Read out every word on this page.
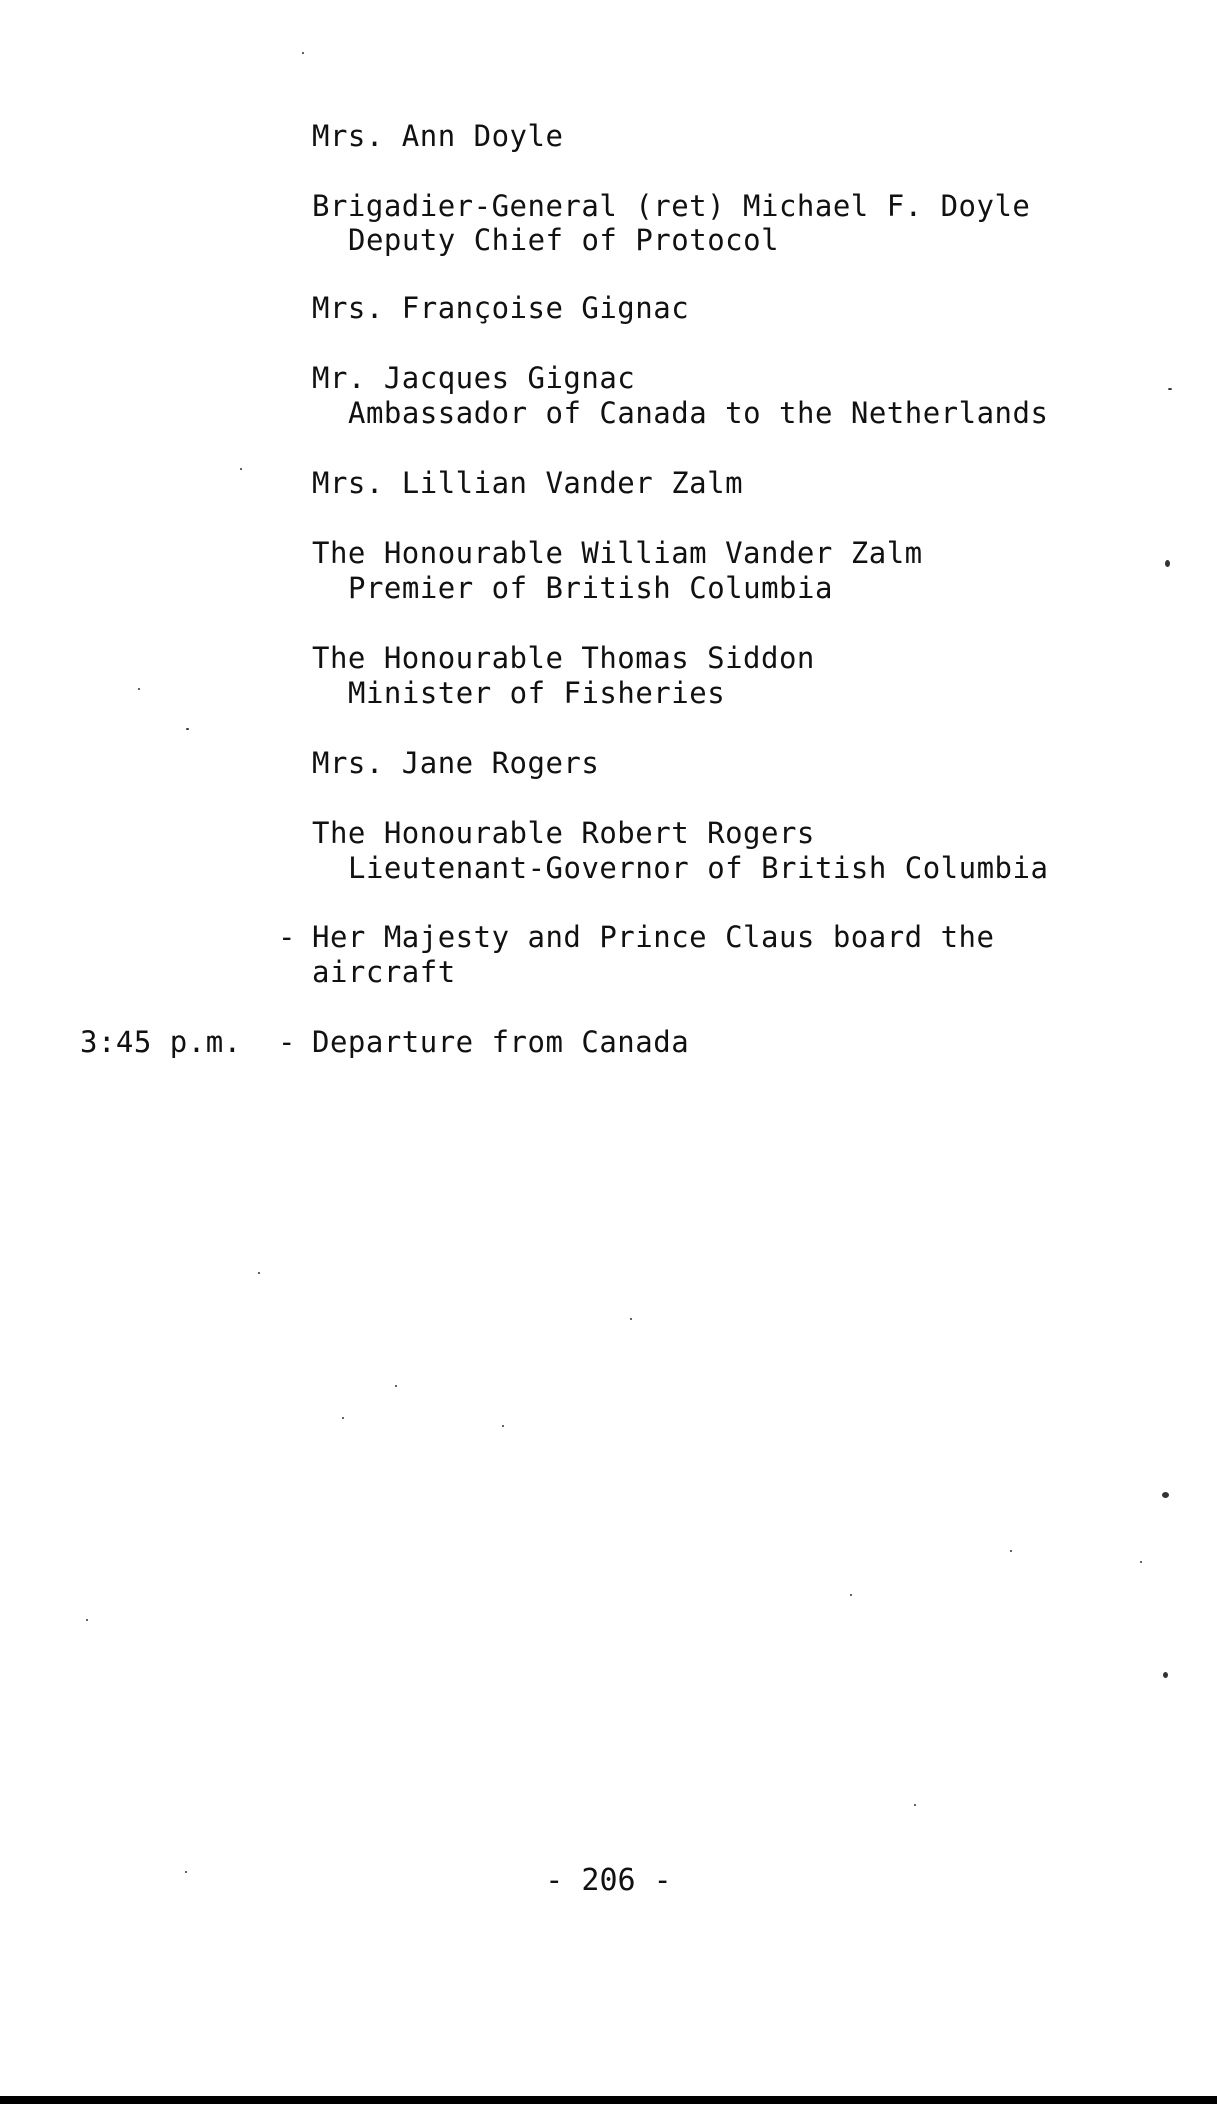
Mrs. Ann Doyle
Brigadier-General (ret) Michael F. Doyle
Deputy Chief of Protocol
Mrs. Françoise Gignac
Mr. Jacques Gignac
Ambassador of Canada to the Netherlands
Mrs. Lillian Vander Zalm
The Honourable William Vander Zalm
Premier of British Columbia
The Honourable Thomas Siddon
Minister of Fisheries
Mrs. Jane Rogers
The Honourable Robert Rogers
Lieutenant-Governor of British Columbia
- Her Majesty and Prince Claus board the
aircraft
3:45 p.m. - Departure from Canada
- 206 -
